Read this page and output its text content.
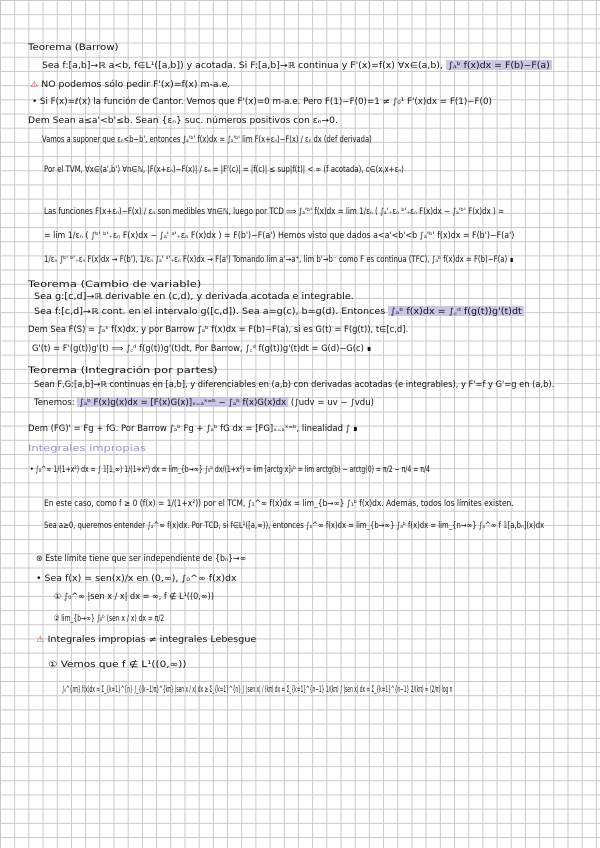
Teorema (Barrow)
Sea f:[a,b]→ℝ a<b, f∈L¹([a,b]) y acotada. Si F:[a,b]→ℝ continua y F'(x)=f(x) ∀x∈(a,b), ∫ₐᵇ f(x)dx = F(b)−F(a)
⚠ NO podemos sólo pedir F'(x)=f(x) m-a.e.
• Si F(x)=ℓ(x) la función de Cantor. Vemos que F'(x)=0 m-a.e. Pero F(1)−F(0)=1 ≠ ∫₀¹ F'(x)dx = F(1)−F(0)
Dem Sean a≤a'<b'≤b. Sean {εₙ} suc. números positivos con εₙ→0.
Vamos a suponer que εₙ<b−b', entonces ∫ₐ'ᵇ' f(x)dx = ∫ₐ'ᵇ' lim F(x+εₙ)−F(x) / εₙ dx (def derivada)
Por el TVM, ∀x∈(a',b') ∀n∈ℕ, |F(x+εₙ)−F(x)| / εₙ = |F'(c)| = |f(c)| ≤ sup|f(t)| < ∞ (f acotada), c∈(x,x+εₙ)
Las funciones F(x+εₙ)−F(x) / εₙ son medibles ∀n∈ℕ, luego por TCD ⟹ ∫ₐ'ᵇ' f(x)dx = lim 1/εₙ ( ∫ₐ'₊εₙ ᵇ'₊εₙ F(x)dx − ∫ₐ'ᵇ' F(x)dx ) =
= lim 1/εₙ ( ∫ᵇ' ᵇ'₊εₙ F(x)dx − ∫ₐ' ᵃ'₊εₙ F(x)dx ) = F(b')−F(a') Hemos visto que dados a<a'<b'<b ∫ₐ'ᵇ' f(x)dx = F(b')−F(a')
1/εₙ ∫ᵇ' ᵇ'₊εₙ F(x)dx → F(b'), 1/εₙ ∫ₐ' ᵃ'₊εₙ F(x)dx → F(a') Tomando lim a'→a⁺, lim b'→b⁻ como F es continua (TFC), ∫ₐᵇ f(x)dx = F(b)−F(a) ∎
Teorema (Cambio de variable)
Sea g:[c,d]→ℝ derivable en (c,d), y derivada acotada e integrable.
Sea f:[c,d]→ℝ cont. en el intervalo g([c,d]). Sea a=g(c), b=g(d). Entonces ∫ₐᵇ f(x)dx = ∫꜀ᵈ f(g(t))g'(t)dt
Dem Sea F(S) = ∫ₐˢ f(x)dx, y por Barrow ∫ₐᵇ f(x)dx = F(b)−F(a), si es G(t) = F(g(t)), t∈[c,d].
G'(t) = F'(g(t))g'(t) ⟹ ∫꜀ᵈ f(g(t))g'(t)dt, Por Barrow, ∫꜀ᵈ f(g(t))g'(t)dt = G(d)−G(c) ∎
Teorema (Integración por partes)
Sean F,G:[a,b]→ℝ continuas en [a,b], y diferenciables en (a,b) con derivadas acotadas (e integrables), y F'=f y G'=g en (a,b).
Tenemos: ∫ₐᵇ F(x)g(x)dx = [F(x)G(x)]ₓ₌ₐˣ⁼ᵇ − ∫ₐᵇ f(x)G(x)dx (∫udv = uv − ∫vdu)
Dem (FG)' = Fg + fG. Por Barrow ∫ₐᵇ Fg + ∫ₐᵇ fG dx = [FG]ₓ₌ₐˣ⁼ᵇ, linealidad ∫ ∎
Integrales impropias
• ∫₀^∞ 1/(1+x²) dx = ∫ 𝟙[1,∞) 1/(1+x²) dx = lim_{b→∞} ∫₀ᵇ dx/(1+x²) = lim [arctg x]₀ᵇ = lim arctg(b) − arctg(0) = π/2 − π/4 = π/4
En este caso, como f ≥ 0 (f(x) = 1/(1+x²)) por el TCM, ∫₁^∞ f(x)dx = lim_{b→∞} ∫₁ᵇ f(x)dx. Además, todos los límites existen.
Sea a≥0, queremos entender ∫ₐ^∞ f(x)dx. Por TCD, si f∈L¹([a,∞)), entonces ∫ₐ^∞ f(x)dx = lim_{b→∞} ∫ₐᵇ f(x)dx = lim_{n→∞} ∫ₐ^∞ f 𝟙[a,bₙ](x)dx
⊛ Este límite tiene que ser independiente de {bₙ}→∞
• Sea f(x) = sen(x)/x en (0,∞), ∫₀^∞ f(x)dx
① ∫₀^∞ |sen x / x| dx = ∞, f ∉ L¹((0,∞))
② lim_{b→∞} ∫₀ᵇ (sen x / x) dx = π/2
⚠ Integrales impropias ≠ integrales Lebesgue
① Vemos que f ∉ L¹((0,∞))
∫₀^{nπ} f(x)dx = Σ_{k=1}^{n} ∫_{(k−1)π}^{kπ} |sen x / x| dx ≥ Σ_{k=1}^{n} ∫ |sen x| / (kπ) dx = Σ_{k=1}^{n−1} 1/(kπ) ∫ |sen x| dx = Σ_{k=1}^{n−1} 2/(kπ) ≈ (2/π) log n
